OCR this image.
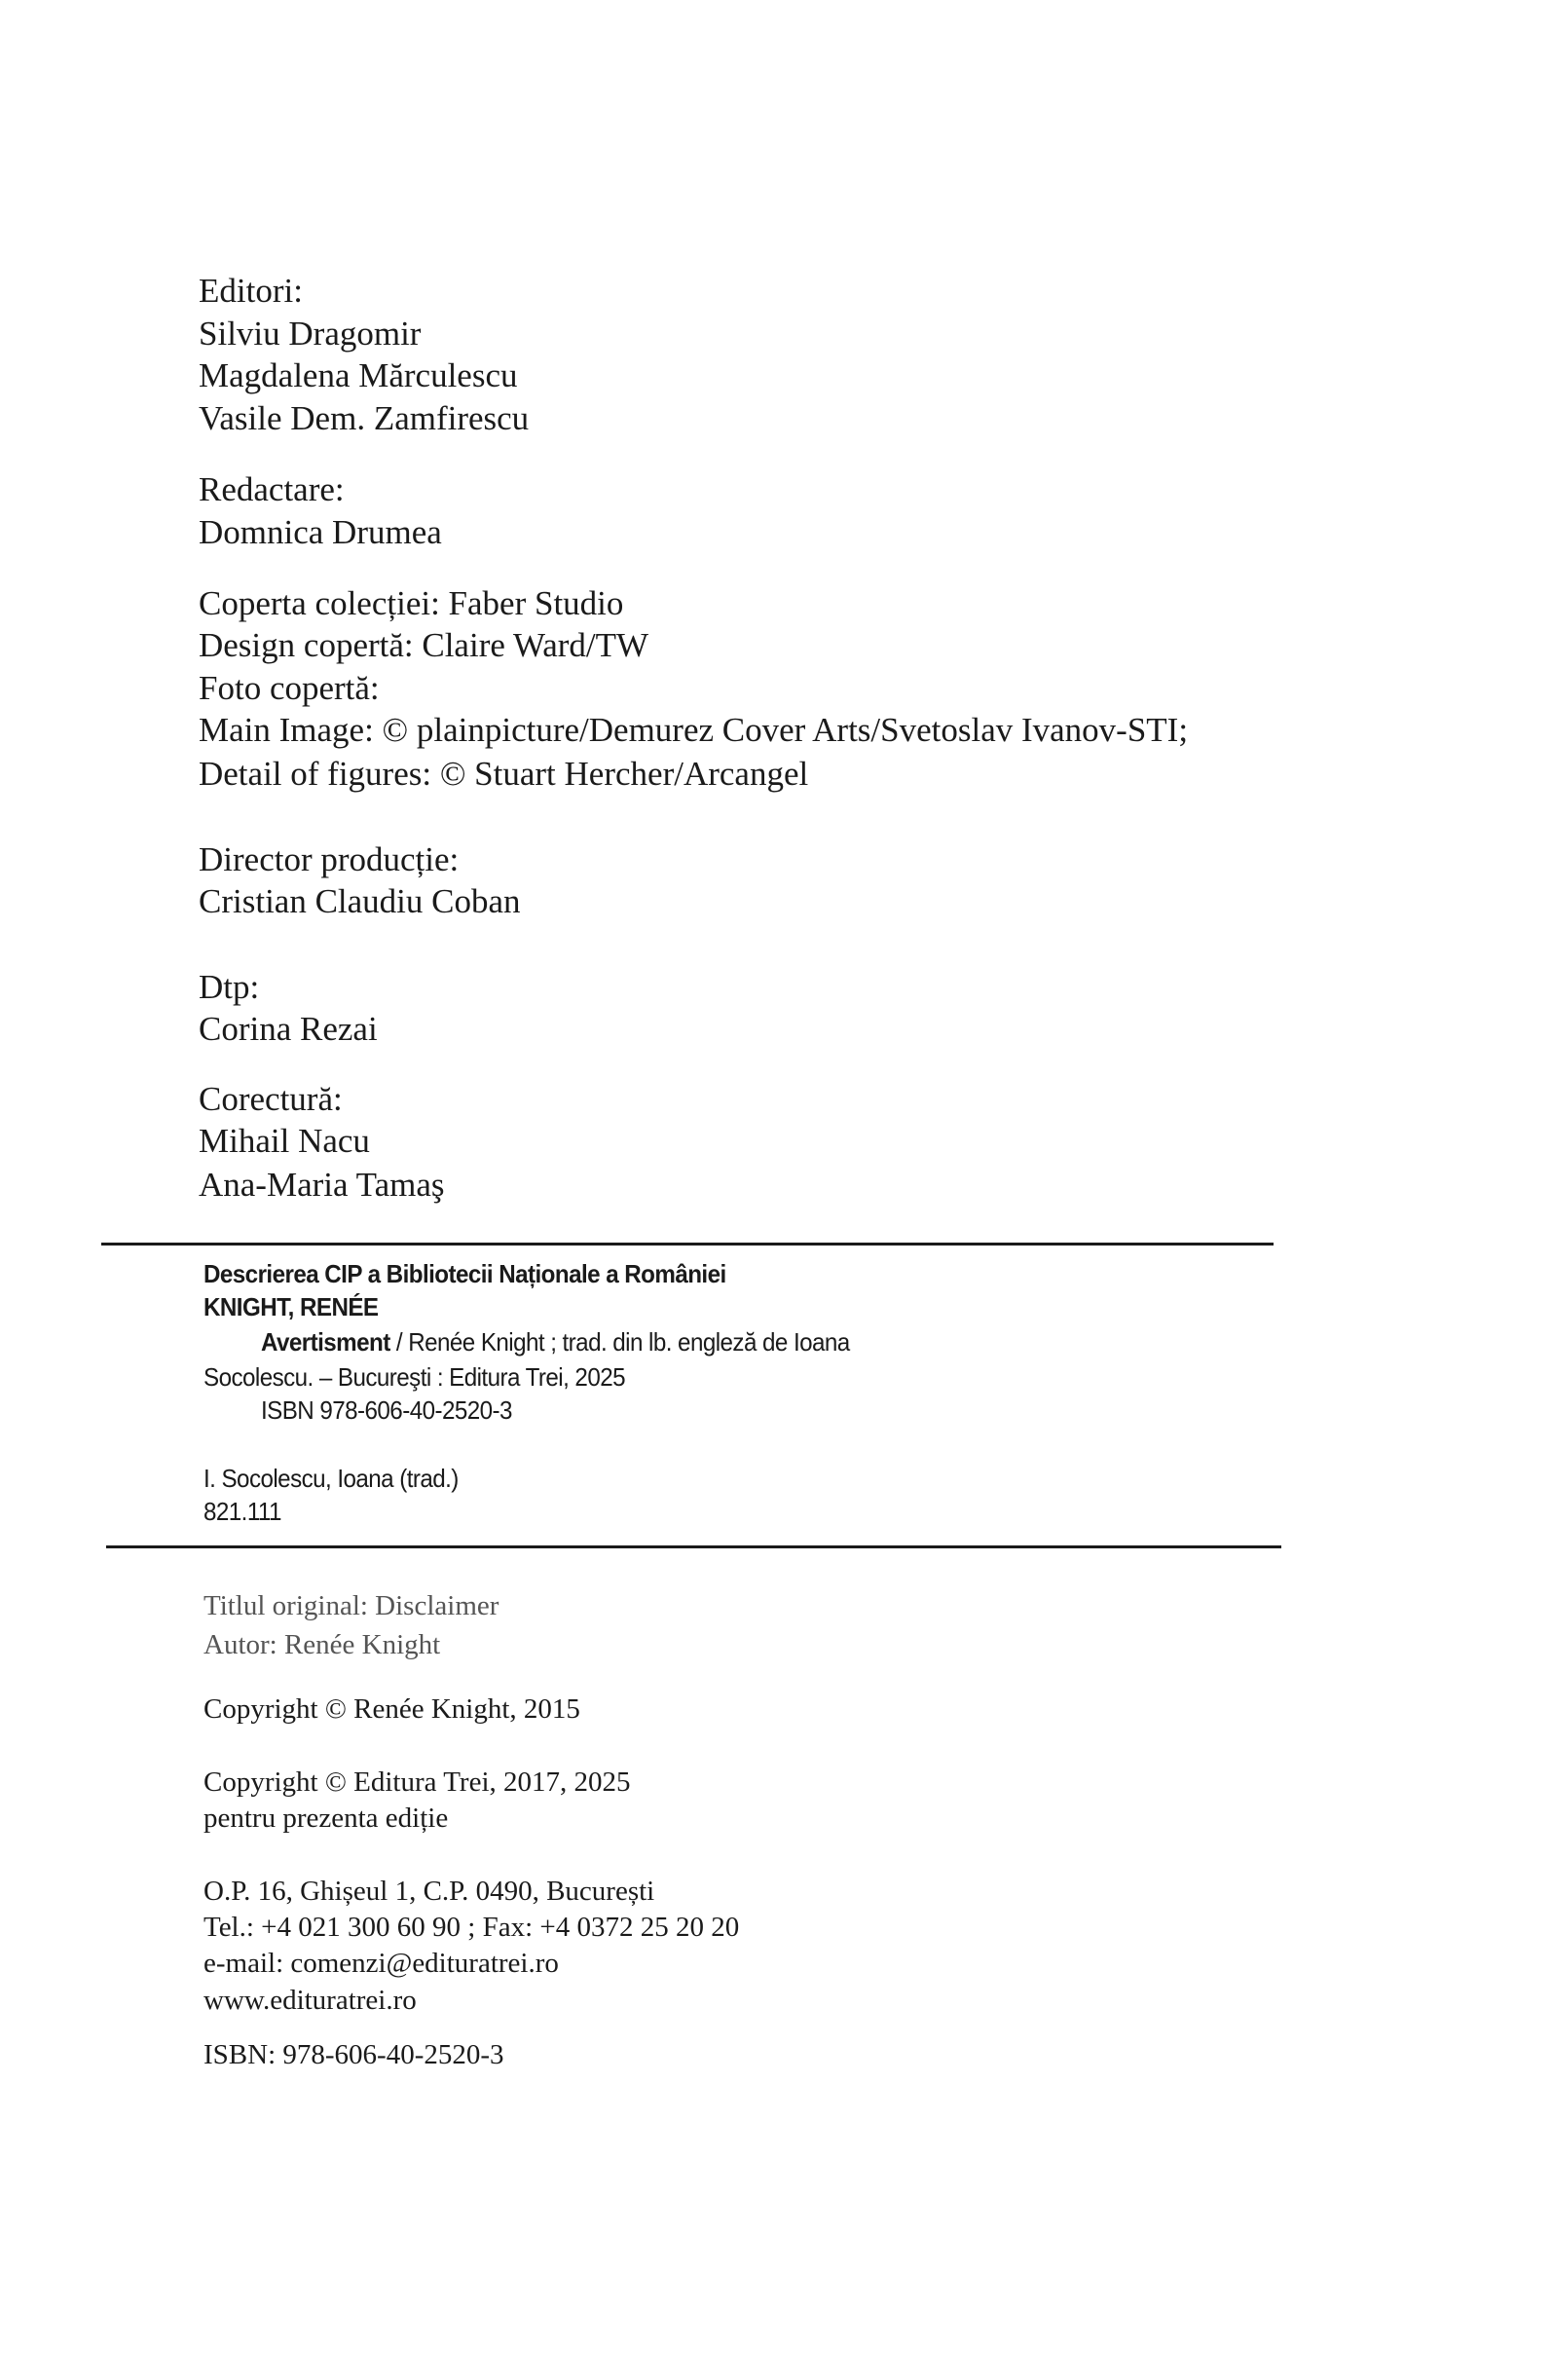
Editori:
Silviu Dragomir
Magdalena Mărculescu
Vasile Dem. Zamfirescu
Redactare:
Domnica Drumea
Coperta colecției: Faber Studio
Design copertă: Claire Ward/TW
Foto copertă:
Main Image: © plainpicture/Demurez Cover Arts/Svetoslav Ivanov-STI;
Detail of figures: © Stuart Hercher/Arcangel
Director producție:
Cristian Claudiu Coban
Dtp:
Corina Rezai
Corectură:
Mihail Nacu
Ana-Maria Tamaş
Descrierea CIP a Bibliotecii Naționale a României
KNIGHT, RENÉE
Avertisment / Renée Knight ; trad. din lb. engleză de Ioana
Socolescu. – Bucureşti : Editura Trei, 2025
ISBN 978-606-40-2520-3
I. Socolescu, Ioana (trad.)
821.111
Titlul original: Disclaimer
Autor: Renée Knight
Copyright © Renée Knight, 2015
Copyright © Editura Trei, 2017, 2025
pentru prezenta ediție
O.P. 16, Ghișeul 1, C.P. 0490, București
Tel.: +4 021 300 60 90 ; Fax: +4 0372 25 20 20
e-mail: comenzi@edituratrei.ro
www.edituratrei.ro
ISBN: 978-606-40-2520-3
